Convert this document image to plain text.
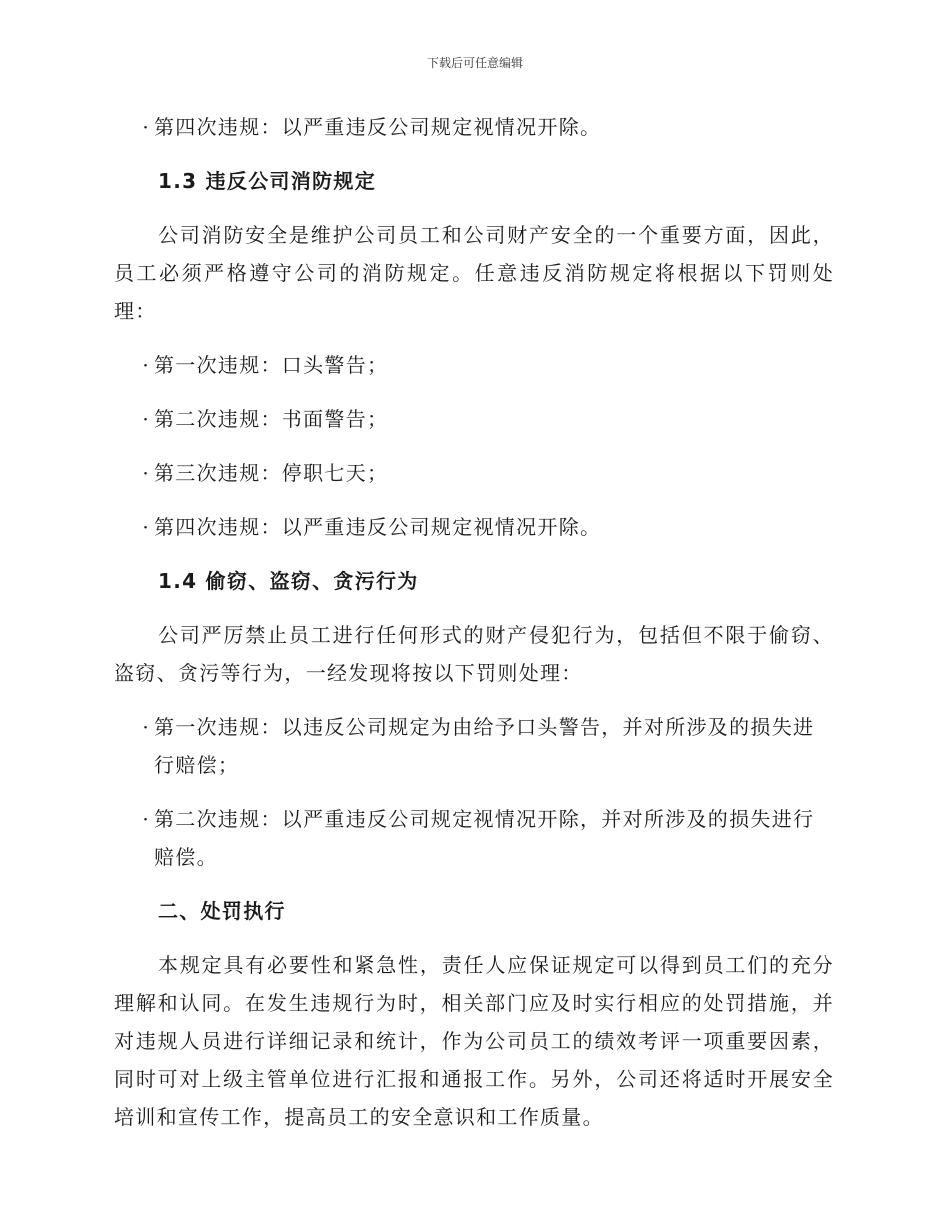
下载后可任意编辑
· 第四次违规：以严重违反公司规定视情况开除。
1.3 违反公司消防规定
公司消防安全是维护公司员工和公司财产安全的一个重要方面，因此，员工必须严格遵守公司的消防规定。任意违反消防规定将根据以下罚则处理：
· 第一次违规：口头警告；
· 第二次违规：书面警告；
· 第三次违规：停职七天；
· 第四次违规：以严重违反公司规定视情况开除。
1.4 偷窃、盗窃、贪污行为
公司严厉禁止员工进行任何形式的财产侵犯行为，包括但不限于偷窃、盗窃、贪污等行为，一经发现将按以下罚则处理：
· 第一次违规：以违反公司规定为由给予口头警告，并对所涉及的损失进行赔偿；
· 第二次违规：以严重违反公司规定视情况开除，并对所涉及的损失进行赔偿。
二、处罚执行
本规定具有必要性和紧急性，责任人应保证规定可以得到员工们的充分理解和认同。在发生违规行为时，相关部门应及时实行相应的处罚措施，并对违规人员进行详细记录和统计，作为公司员工的绩效考评一项重要因素，同时可对上级主管单位进行汇报和通报工作。另外，公司还将适时开展安全培训和宣传工作，提高员工的安全意识和工作质量。
